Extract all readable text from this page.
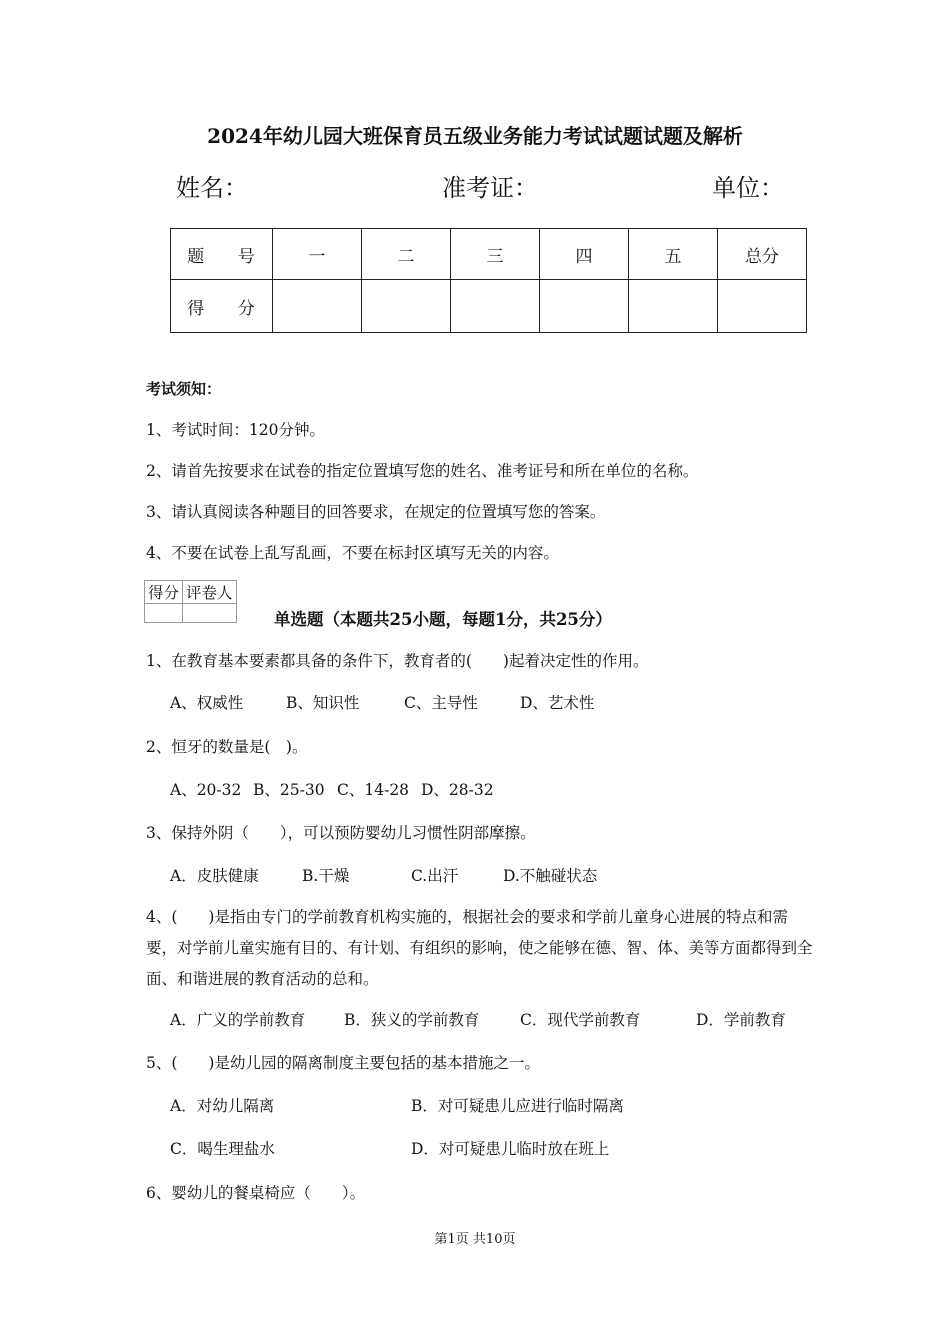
2024年幼儿园大班保育员五级业务能力考试试题试题及解析
姓名：	准考证：	单位：
题 号	一	二	三	四	五	总分
得 分						
考试须知：
1、考试时间：120分钟。
2、请首先按要求在试卷的指定位置填写您的姓名、准考证号和所在单位的名称。
3、请认真阅读各种题目的回答要求，在规定的位置填写您的答案。
4、不要在试卷上乱写乱画，不要在标封区填写无关的内容。
得分	评卷人

单选题（本题共25小题，每题1分，共25分）
1、在教育基本要素都具备的条件下，教育者的(　　)起着决定性的作用。
A、权威性	B、知识性	C、主导性	D、艺术性
2、恒牙的数量是(　)。
A、20-32 B、25-30 C、14-28 D、28-32
3、保持外阴（　　），可以预防婴幼儿习惯性阴部摩擦。
A．皮肤健康	B.干燥	C.出汗	D.不触碰状态
4、(　　)是指由专门的学前教育机构实施的，根据社会的要求和学前儿童身心进展的特点和需要，对学前儿童实施有目的、有计划、有组织的影响，使之能够在德、智、体、美等方面都得到全面、和谐进展的教育活动的总和。
A．广义的学前教育	B．狭义的学前教育	C．现代学前教育	D．学前教育
5、(　　)是幼儿园的隔离制度主要包括的基本措施之一。
A．对幼儿隔离	B．对可疑患儿应进行临时隔离
C．喝生理盐水	D．对可疑患儿临时放在班上
6、婴幼儿的餐桌椅应（　　）。
第1页 共10页
